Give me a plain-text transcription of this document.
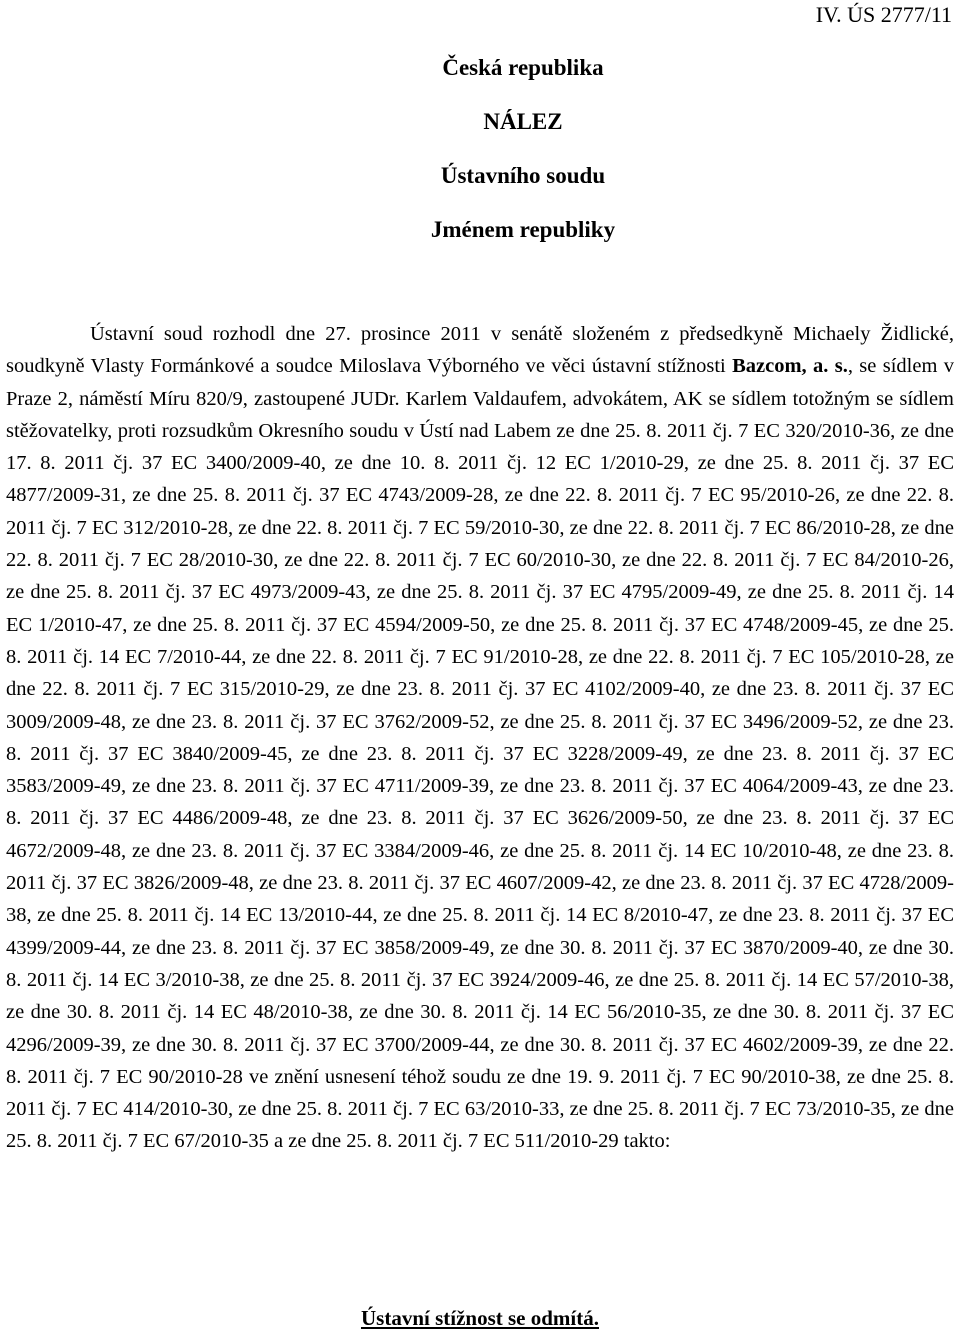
IV. ÚS 2777/11
Česká republika
NÁLEZ
Ústavního soudu
Jménem republiky

Ústavní soud rozhodl dne 27. prosince 2011 v senátě složeném z předsedkyně Michaely Židlické, soudkyně Vlasty Formánkové a soudce Miloslava Výborného ve věci ústavní stížnosti Bazcom, a. s., se sídlem v Praze 2, náměstí Míru 820/9, zastoupené JUDr. Karlem Valdaufem, advokátem, AK se sídlem totožným se sídlem stěžovatelky, proti rozsudkům Okresního soudu v Ústí nad Labem ze dne 25. 8. 2011 čj. 7 EC 320/2010-36, ze dne 17. 8. 2011 čj. 37 EC 3400/2009-40, ze dne 10. 8. 2011 čj. 12 EC 1/2010-29, ze dne 25. 8. 2011 čj. 37 EC 4877/2009-31, ze dne 25. 8. 2011 čj. 37 EC 4743/2009-28, ze dne 22. 8. 2011 čj. 7 EC 95/2010-26, ze dne 22. 8. 2011 čj. 7 EC 312/2010-28, ze dne 22. 8. 2011 čj. 7 EC 59/2010-30, ze dne 22. 8. 2011 čj. 7 EC 86/2010-28, ze dne 22. 8. 2011 čj. 7 EC 28/2010-30, ze dne 22. 8. 2011 čj. 7 EC 60/2010-30, ze dne 22. 8. 2011 čj. 7 EC 84/2010-26, ze dne 25. 8. 2011 čj. 37 EC 4973/2009-43, ze dne 25. 8. 2011 čj. 37 EC 4795/2009-49, ze dne 25. 8. 2011 čj. 14 EC 1/2010-47, ze dne 25. 8. 2011 čj. 37 EC 4594/2009-50, ze dne 25. 8. 2011 čj. 37 EC 4748/2009-45, ze dne 25. 8. 2011 čj. 14 EC 7/2010-44, ze dne 22. 8. 2011 čj. 7 EC 91/2010-28, ze dne 22. 8. 2011 čj. 7 EC 105/2010-28, ze dne 22. 8. 2011 čj. 7 EC 315/2010-29, ze dne 23. 8. 2011 čj. 37 EC 4102/2009-40, ze dne 23. 8. 2011 čj. 37 EC 3009/2009-48, ze dne 23. 8. 2011 čj. 37 EC 3762/2009-52, ze dne 25. 8. 2011 čj. 37 EC 3496/2009-52, ze dne 23. 8. 2011 čj. 37 EC 3840/2009-45, ze dne 23. 8. 2011 čj. 37 EC 3228/2009-49, ze dne 23. 8. 2011 čj. 37 EC 3583/2009-49, ze dne 23. 8. 2011 čj. 37 EC 4711/2009-39, ze dne 23. 8. 2011 čj. 37 EC 4064/2009-43, ze dne 23. 8. 2011 čj. 37 EC 4486/2009-48, ze dne 23. 8. 2011 čj. 37 EC 3626/2009-50, ze dne 23. 8. 2011 čj. 37 EC 4672/2009-48, ze dne 23. 8. 2011 čj. 37 EC 3384/2009-46, ze dne 25. 8. 2011 čj. 14 EC 10/2010-48, ze dne 23. 8. 2011 čj. 37 EC 3826/2009-48, ze dne 23. 8. 2011 čj. 37 EC 4607/2009-42, ze dne 23. 8. 2011 čj. 37 EC 4728/2009-38, ze dne 25. 8. 2011 čj. 14 EC 13/2010-44, ze dne 25. 8. 2011 čj. 14 EC 8/2010-47, ze dne 23. 8. 2011 čj. 37 EC 4399/2009-44, ze dne 23. 8. 2011 čj. 37 EC 3858/2009-49, ze dne 30. 8. 2011 čj. 37 EC 3870/2009-40, ze dne 30. 8. 2011 čj. 14 EC 3/2010-38, ze dne 25. 8. 2011 čj. 37 EC 3924/2009-46, ze dne 25. 8. 2011 čj. 14 EC 57/2010-38, ze dne 30. 8. 2011 čj. 14 EC 48/2010-38, ze dne 30. 8. 2011 čj. 14 EC 56/2010-35, ze dne 30. 8. 2011 čj. 37 EC 4296/2009-39, ze dne 30. 8. 2011 čj. 37 EC 3700/2009-44, ze dne 30. 8. 2011 čj. 37 EC 4602/2009-39, ze dne 22. 8. 2011 čj. 7 EC 90/2010-28 ve znění usnesení téhož soudu ze dne 19. 9. 2011 čj. 7 EC 90/2010-38, ze dne 25. 8. 2011 čj. 7 EC 414/2010-30, ze dne 25. 8. 2011 čj. 7 EC 63/2010-33, ze dne 25. 8. 2011 čj. 7 EC 73/2010-35, ze dne 25. 8. 2011 čj. 7 EC 67/2010-35 a ze dne 25. 8. 2011 čj. 7 EC 511/2010-29 takto:

Ústavní stížnost se odmítá.
